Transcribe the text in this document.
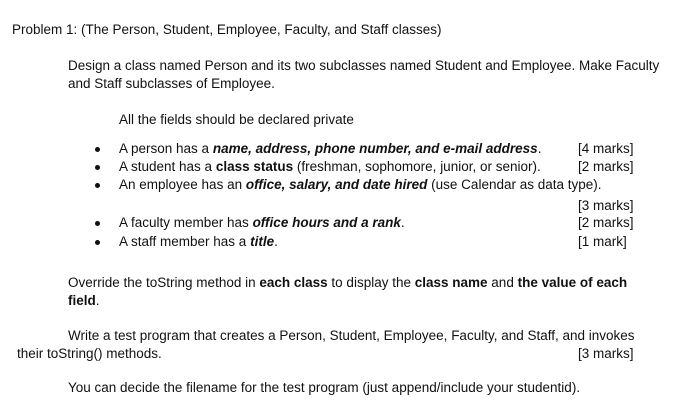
Problem 1: (The Person, Student, Employee, Faculty, and Staff classes)
Design a class named Person and its two subclasses named Student and Employee. Make Faculty
and Staff subclasses of Employee.
All the fields should be declared private
A person has a name, address, phone number, and e-mail address.	[4 marks]
A student has a class status (freshman, sophomore, junior, or senior).	[2 marks]
An employee has an office, salary, and date hired (use Calendar as data type).
[3 marks]
A faculty member has office hours and a rank.	[2 marks]
A staff member has a title.	[1 mark]
Override the toString method in each class to display the class name and the value of each
field.
Write a test program that creates a Person, Student, Employee, Faculty, and Staff, and invokes
their toString() methods.	[3 marks]
You can decide the filename for the test program (just append/include your studentid).
